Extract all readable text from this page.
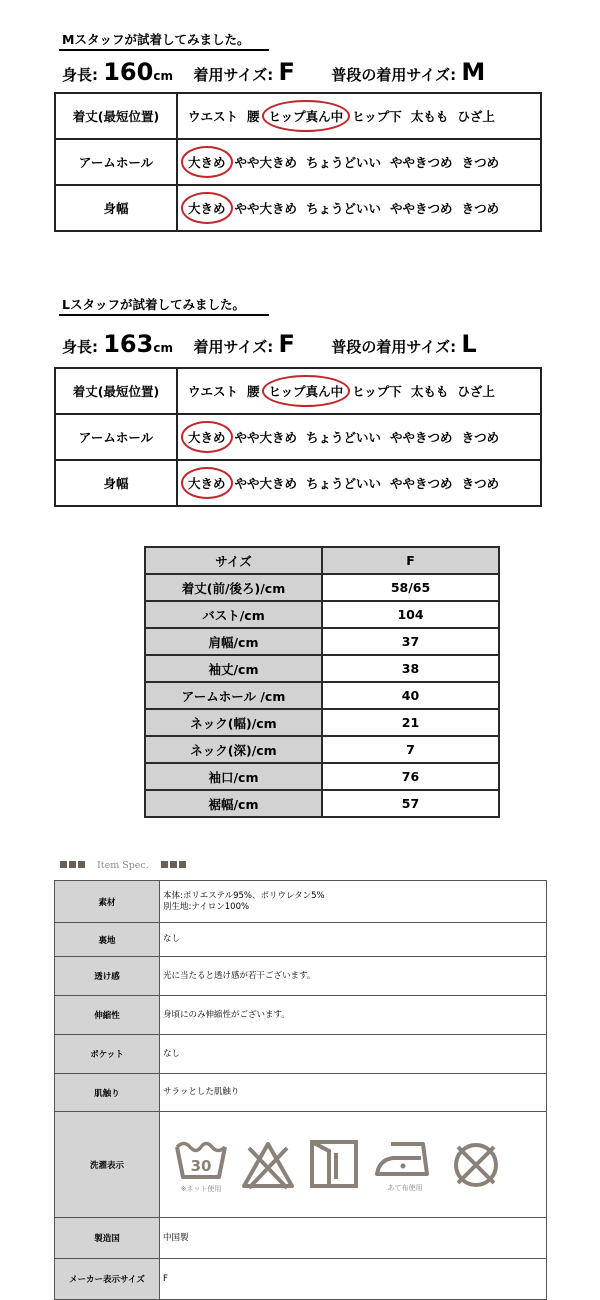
Mスタッフが試着してみました。
身長: 160cm 着用サイズ: F 普段の着用サイズ: M
着丈(最短位置)	ウエスト 腰 ヒップ真ん中 ヒップ下 太もも ひざ上
アームホール	大きめ やや大きめ ちょうどいい ややきつめ きつめ
身幅	大きめ やや大きめ ちょうどいい ややきつめ きつめ
Lスタッフが試着してみました。
身長: 163cm 着用サイズ: F 普段の着用サイズ: L
着丈(最短位置)	ウエスト 腰 ヒップ真ん中 ヒップ下 太もも ひざ上
アームホール	大きめ やや大きめ ちょうどいい ややきつめ きつめ
身幅	大きめ やや大きめ ちょうどいい ややきつめ きつめ
サイズ	F
着丈(前/後ろ)/cm	58/65
バスト/cm	104
肩幅/cm	37
袖丈/cm	38
アームホール /cm	40
ネック(幅)/cm	21
ネック(深)/cm	7
袖口/cm	76
裾幅/cm	57
Item Spec.
素材	本体:ポリエステル95%、ポリウレタン5%
別生地:ナイロン100%

裏地	なし
透け感	光に当たると透け感が若干ございます。
伸縮性	身頃にのみ伸縮性がございます。
ポケット	なし
肌触り	サラッとした肌触り
洗濯表示	30
※ネット使用 あて布使用

製造国	中国製
メーカー表示サイズ	F
